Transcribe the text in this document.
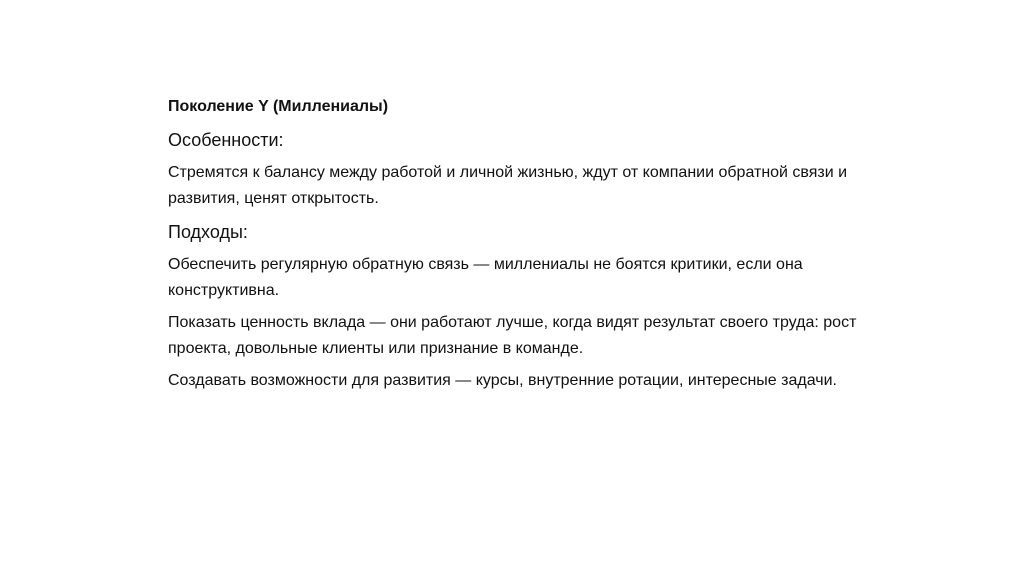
Поколение Y (Миллениалы)
Особенности:
Стремятся к балансу между работой и личной жизнью, ждут от компании обратной связи и развития, ценят открытость.
Подходы:
Обеспечить регулярную обратную связь — миллениалы не боятся критики, если она конструктивна.
Показать ценность вклада — они работают лучше, когда видят результат своего труда: рост проекта, довольные клиенты или признание в команде.
Создавать возможности для развития — курсы, внутренние ротации, интересные задачи.
